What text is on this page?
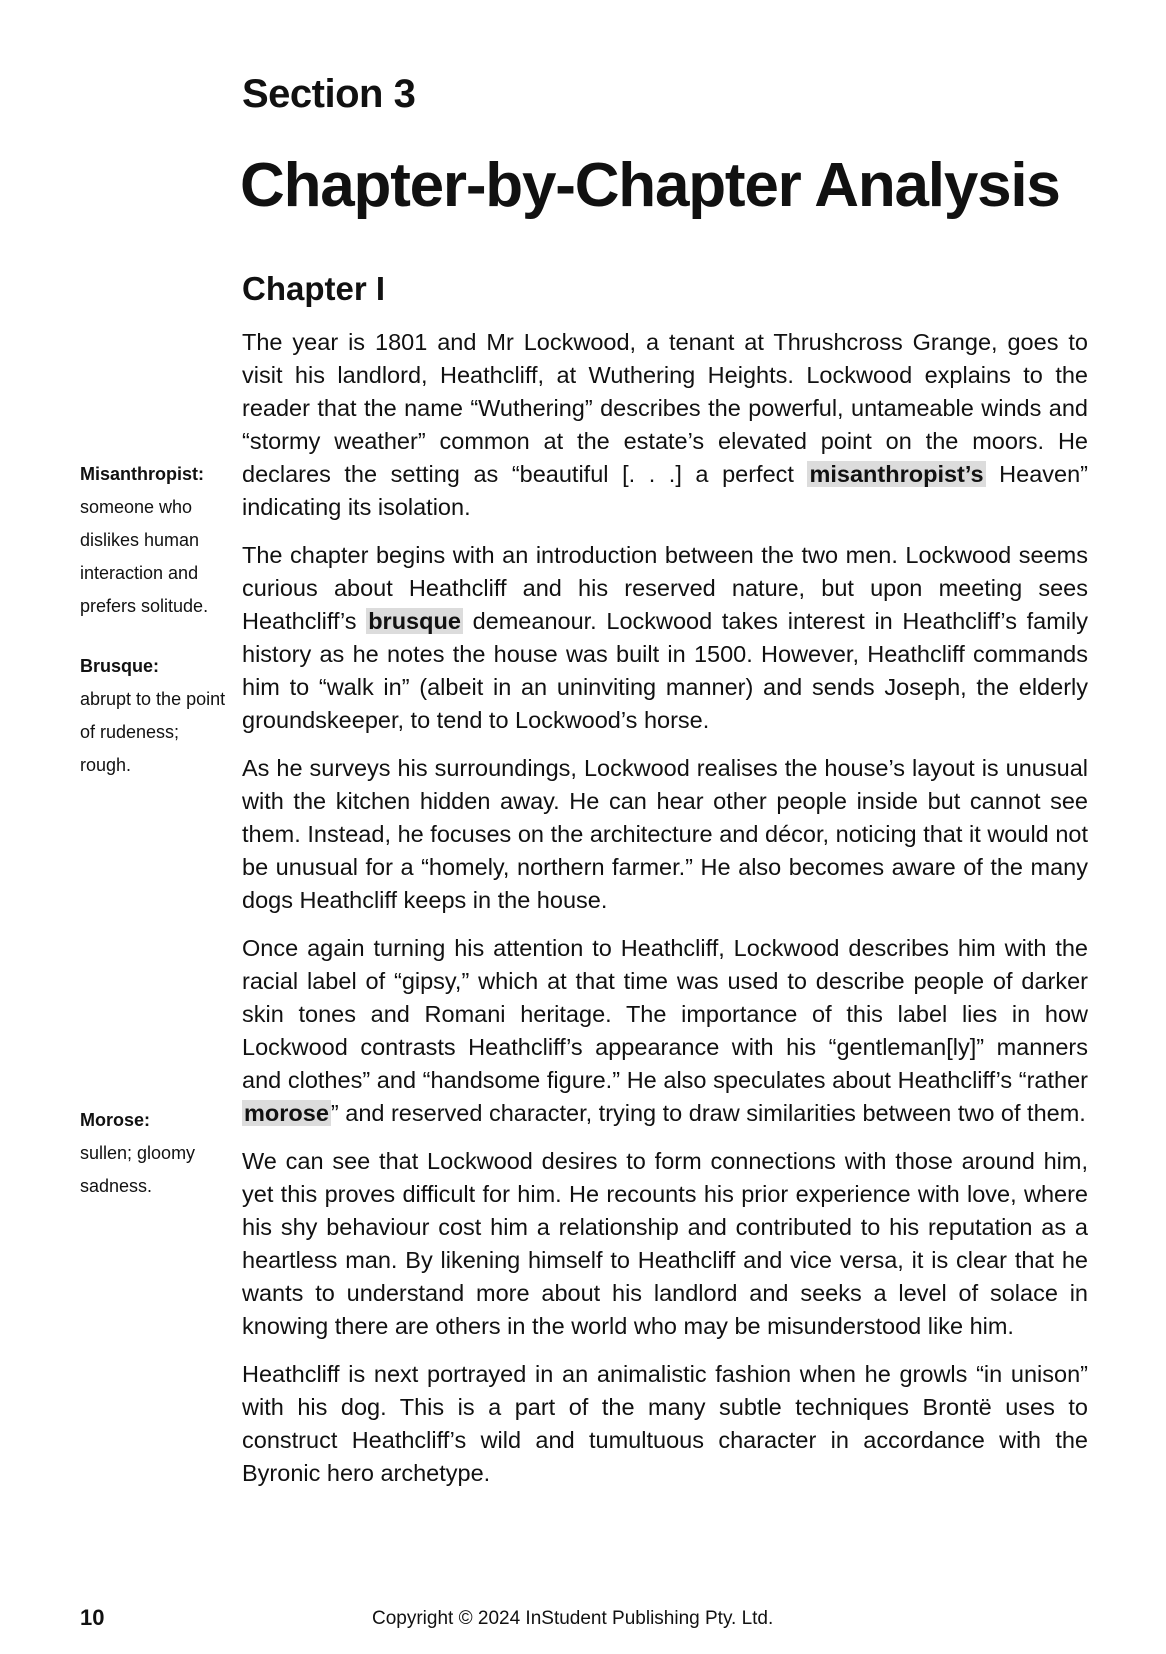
Section 3
Chapter-by-Chapter Analysis
Chapter I

The year is 1801 and Mr Lockwood, a tenant at Thrushcross Grange, goes to visit his landlord, Heathcliff, at Wuthering Heights. Lockwood explains to the reader that the name “Wuthering” describes the powerful, untameable winds and “stormy weather” common at the estate’s elevated point on the moors. He declares the setting as “beautiful [. . .] a perfect misanthropist’s Heaven” indicating its isolation.

The chapter begins with an introduction between the two men. Lockwood seems curious about Heathcliff and his reserved nature, but upon meeting sees Heathcliff’s brusque demeanour. Lockwood takes interest in Heathcliff’s family history as he notes the house was built in 1500. However, Heathcliff commands him to “walk in” (albeit in an uninviting manner) and sends Joseph, the elderly groundskeeper, to tend to Lockwood’s horse.

As he surveys his surroundings, Lockwood realises the house’s layout is unusual with the kitchen hidden away. He can hear other people inside but cannot see them. Instead, he focuses on the architecture and décor, noticing that it would not be unusual for a “homely, northern farmer.” He also becomes aware of the many dogs Heathcliff keeps in the house.

Once again turning his attention to Heathcliff, Lockwood describes him with the racial label of “gipsy,” which at that time was used to describe people of darker skin tones and Romani heritage. The importance of this label lies in how Lockwood contrasts Heathcliff’s appearance with his “gentleman[ly]” manners and clothes” and “handsome figure.” He also speculates about Heathcliff’s “rather morose” and reserved character, trying to draw similarities between two of them.

We can see that Lockwood desires to form connections with those around him, yet this proves difficult for him. He recounts his prior experience with love, where his shy behaviour cost him a relationship and contributed to his reputation as a heartless man. By likening himself to Heathcliff and vice versa, it is clear that he wants to understand more about his landlord and seeks a level of solace in knowing there are others in the world who may be misunderstood like him.

Heathcliff is next portrayed in an animalistic fashion when he growls “in unison” with his dog. This is a part of the many subtle techniques Brontë uses to construct Heathcliff’s wild and tumultuous character in accordance with the Byronic hero archetype.

Misanthropist:
someone who dislikes human interaction and prefers solitude.
Brusque:
abrupt to the point of rudeness; rough.
Morose:
sullen; gloomy sadness.
10	Copyright © 2024 InStudent Publishing Pty. Ltd.
